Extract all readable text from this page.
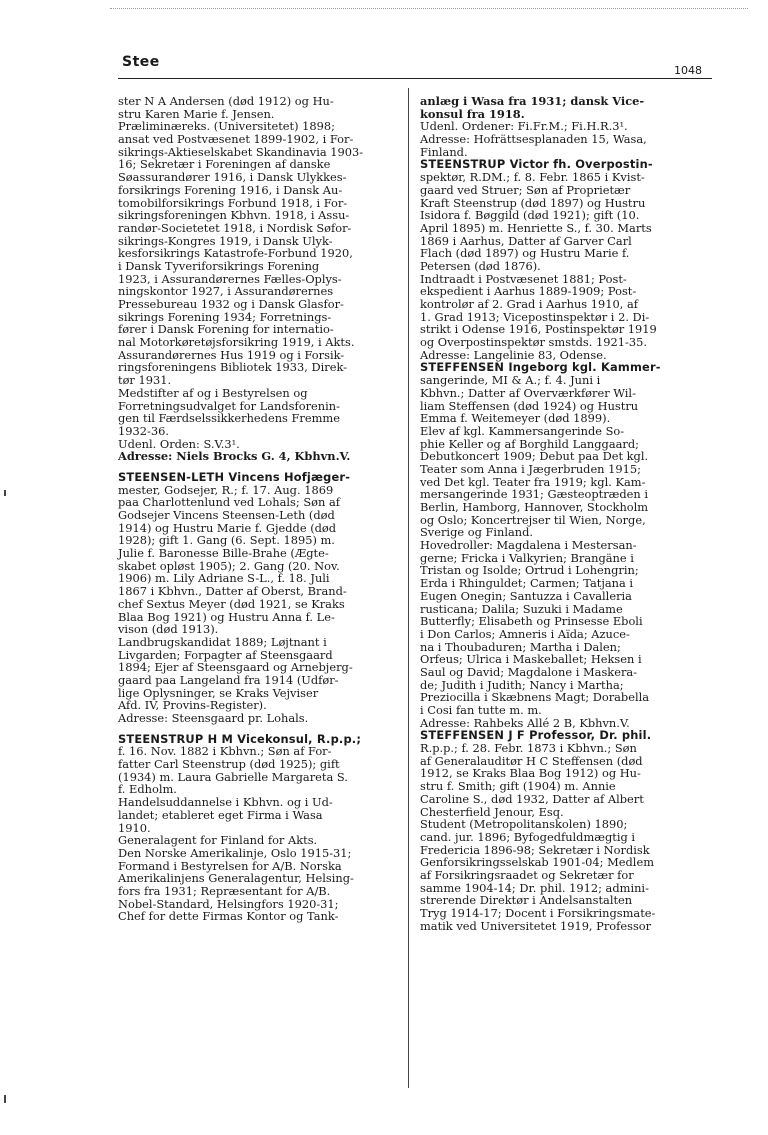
Stee
1048
ster N A Andersen (død 1912) og Hu-
stru Karen Marie f. Jensen.
Præliminæreks. (Universitetet) 1898;
ansat ved Postvæsenet 1899-1902, i For-
sikrings-Aktieselskabet Skandinavia 1903-
16; Sekretær i Foreningen af danske
Søassurandører 1916, i Dansk Ulykkes-
forsikrings Forening 1916, i Dansk Au-
tomobilforsikrings Forbund 1918, i For-
sikringsforeningen Kbhvn. 1918, i Assu-
randør-Societetet 1918, i Nordisk Søfor-
sikrings-Kongres 1919, i Dansk Ulyk-
kesforsikrings Katastrofe-Forbund 1920,
i Dansk Tyveriforsikrings Forening
1923, i Assurandørernes Fælles-Oplys-
ningskontor 1927, i Assurandørernes
Pressebureau 1932 og i Dansk Glasfor-
sikrings Forening 1934; Forretnings-
fører i Dansk Forening for internatio-
nal Motorkøretøjsforsikring 1919, i Akts.
Assurandørernes Hus 1919 og i Forsik-
ringsforeningens Bibliotek 1933, Direk-
tør 1931.
Medstifter af og i Bestyrelsen og
Forretningsudvalget for Landsforenin-
gen til Færdselssikkerhedens Fremme
1932-36.
Udenl. Orden: S.V.3¹.
Adresse: Niels Brocks G. 4, Kbhvn.V.
STEENSEN-LETH Vincens Hofjæger-
mester, Godsejer, R.; f. 17. Aug. 1869
paa Charlottenlund ved Lohals; Søn af
Godsejer Vincens Steensen-Leth (død
1914) og Hustru Marie f. Gjedde (død
1928); gift 1. Gang (6. Sept. 1895) m.
Julie f. Baronesse Bille-Brahe (Ægte-
skabet opløst 1905); 2. Gang (20. Nov.
1906) m. Lily Adriane S-L., f. 18. Juli
1867 i Kbhvn., Datter af Oberst, Brand-
chef Sextus Meyer (død 1921, se Kraks
Blaa Bog 1921) og Hustru Anna f. Le-
vison (død 1913).
Landbrugskandidat 1889; Løjtnant i
Livgarden; Forpagter af Steensgaard
1894; Ejer af Steensgaard og Arnebjerg-
gaard paa Langeland fra 1914 (Udfør-
lige Oplysninger, se Kraks Vejviser
Afd. IV, Provins-Register).
Adresse: Steensgaard pr. Lohals.
STEENSTRUP H M Vicekonsul, R.p.p.;
f. 16. Nov. 1882 i Kbhvn.; Søn af For-
fatter Carl Steenstrup (død 1925); gift
(1934) m. Laura Gabrielle Margareta S.
f. Edholm.
Handelsuddannelse i Kbhvn. og i Ud-
landet; etableret eget Firma i Wasa
1910.
Generalagent for Finland for Akts.
Den Norske Amerikalinje, Oslo 1915-31;
Formand i Bestyrelsen for A/B. Norska
Amerikalinjens Generalagentur, Helsing-
fors fra 1931; Repræsentant for A/B.
Nobel-Standard, Helsingfors 1920-31;
Chef for dette Firmas Kontor og Tank-
anlæg i Wasa fra 1931; dansk Vice-
konsul fra 1918.
Udenl. Ordener: Fi.Fr.M.; Fi.H.R.3¹.
Adresse: Hofrättsesplanaden 15, Wasa,
Finland.
STEENSTRUP Victor fh. Overpostin-
spektør, R.DM.; f. 8. Febr. 1865 i Kvist-
gaard ved Struer; Søn af Proprietær
Kraft Steenstrup (død 1897) og Hustru
Isidora f. Bøggild (død 1921); gift (10.
April 1895) m. Henriette S., f. 30. Marts
1869 i Aarhus, Datter af Garver Carl
Flach (død 1897) og Hustru Marie f.
Petersen (død 1876).
Indtraadt i Postvæsenet 1881; Post-
ekspedient i Aarhus 1889-1909; Post-
kontrolør af 2. Grad i Aarhus 1910, af
1. Grad 1913; Vicepostinspektør i 2. Di-
strikt i Odense 1916, Postinspektør 1919
og Overpostinspektør smstds. 1921-35.
Adresse: Langelinie 83, Odense.
STEFFENSEN Ingeborg kgl. Kammer-
sangerinde, MI & A.; f. 4. Juni i
Kbhvn.; Datter af Overværkfører Wil-
liam Steffensen (død 1924) og Hustru
Emma f. Weitemeyer (død 1899).
Elev af kgl. Kammersangerinde So-
phie Keller og af Borghild Langgaard;
Debutkoncert 1909; Debut paa Det kgl.
Teater som Anna i Jægerbruden 1915;
ved Det kgl. Teater fra 1919; kgl. Kam-
mersangerinde 1931; Gæsteoptræden i
Berlin, Hamborg, Hannover, Stockholm
og Oslo; Koncertrejser til Wien, Norge,
Sverige og Finland.
Hovedroller: Magdalena i Mestersan-
gerne; Fricka i Valkyrien; Brangäne i
Tristan og Isolde; Ortrud i Lohengrin;
Erda i Rhinguldet; Carmen; Tatjana i
Eugen Onegin; Santuzza i Cavalleria
rusticana; Dalila; Suzuki i Madame
Butterfly; Elisabeth og Prinsesse Eboli
i Don Carlos; Amneris i Aïda; Azuce-
na i Thoubaduren; Martha i Dalen;
Orfeus; Ulrica i Maskeballet; Heksen i
Saul og David; Magdalone i Maskera-
de; Judith i Judith; Nancy i Martha;
Preziocilla i Skæbnens Magt; Dorabella
i Cosi fan tutte m. m.
Adresse: Rahbeks Allé 2 B, Kbhvn.V.
STEFFENSEN J F Professor, Dr. phil.
R.p.p.; f. 28. Febr. 1873 i Kbhvn.; Søn
af Generalauditør H C Steffensen (død
1912, se Kraks Blaa Bog 1912) og Hu-
stru f. Smith; gift (1904) m. Annie
Caroline S., død 1932, Datter af Albert
Chesterfield Jenour, Esq.
Student (Metropolitanskolen) 1890;
cand. jur. 1896; Byfogedfuldmægtig i
Fredericia 1896-98; Sekretær i Nordisk
Genforsikringsselskab 1901-04; Medlem
af Forsikringsraadet og Sekretær for
samme 1904-14; Dr. phil. 1912; admini-
strerende Direktør i Andelsanstalten
Tryg 1914-17; Docent i Forsikringsmate-
matik ved Universitetet 1919, Professor
